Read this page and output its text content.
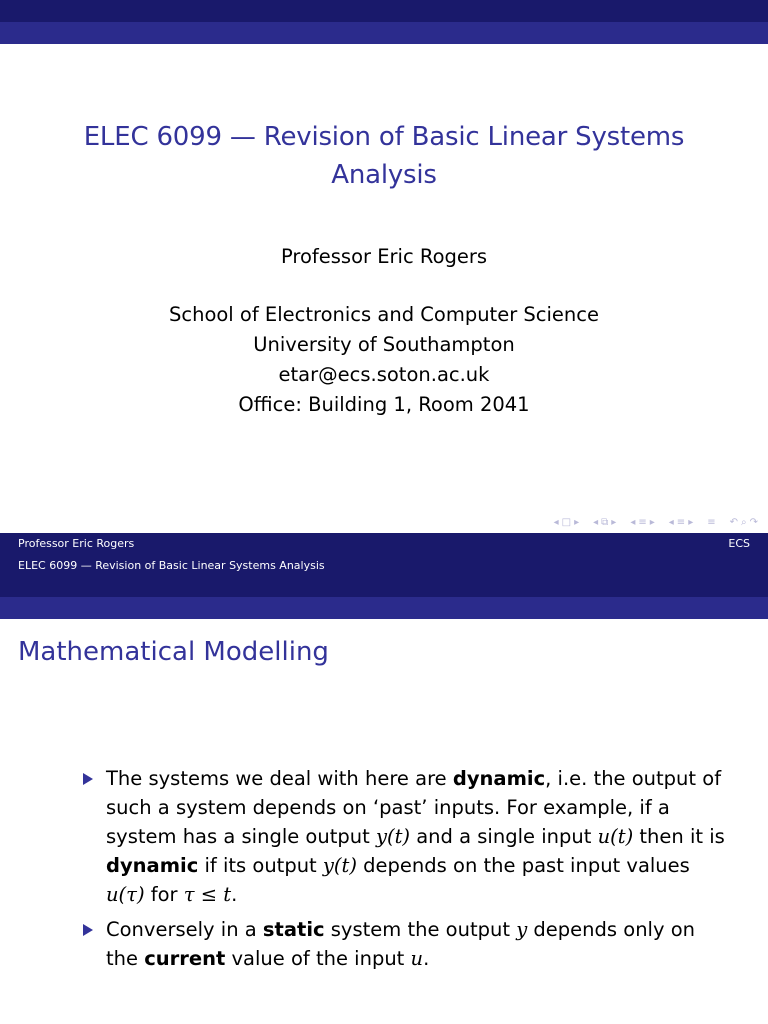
ELEC 6099 — Revision of Basic Linear Systems Analysis
Professor Eric Rogers
School of Electronics and Computer Science
University of Southampton
etar@ecs.soton.ac.uk
Office: Building 1, Room 2041
◂ □ ▸ ◂ ⧉ ▸ ◂ ≡ ▸ ◂ ≡ ▸ ≡ ↶ ⌕ ↷
Professor Eric Rogers	ECS
ELEC 6099 — Revision of Basic Linear Systems Analysis
Mathematical Modelling
The systems we deal with here are dynamic, i.e. the output of such a system depends on ‘past’ inputs. For example, if a system has a single output y(t) and a single input u(t) then it is dynamic if its output y(t) depends on the past input values u(τ) for τ ≤ t.
Conversely in a static system the output y depends only on the current value of the input u.
